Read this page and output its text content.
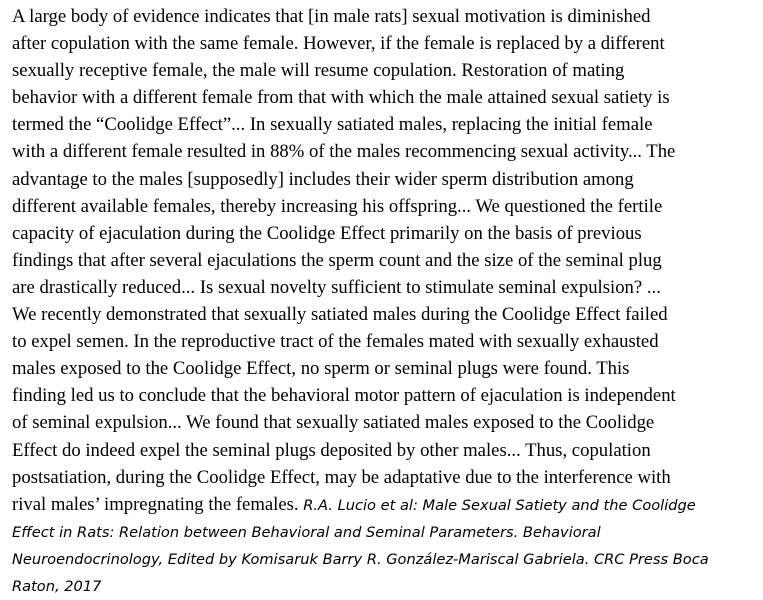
A large body of evidence indicates that [in male rats] sexual motivation is diminished
after copulation with the same female. However, if the female is replaced by a different
sexually receptive female, the male will resume copulation. Restoration of mating
behavior with a different female from that with which the male attained sexual satiety is
termed the “Coolidge Effect”... In sexually satiated males, replacing the initial female
with a different female resulted in 88% of the males recommencing sexual activity... The
advantage to the males [supposedly] includes their wider sperm distribution among
different available females, thereby increasing his offspring... We questioned the fertile
capacity of ejaculation during the Coolidge Effect primarily on the basis of previous
findings that after several ejaculations the sperm count and the size of the seminal plug
are drastically reduced... Is sexual novelty sufficient to stimulate seminal expulsion? ...
We recently demonstrated that sexually satiated males during the Coolidge Effect failed
to expel semen. In the reproductive tract of the females mated with sexually exhausted
males exposed to the Coolidge Effect, no sperm or seminal plugs were found. This
finding led us to conclude that the behavioral motor pattern of ejaculation is independent
of seminal expulsion... We found that sexually satiated males exposed to the Coolidge
Effect do indeed expel the seminal plugs deposited by other males... Thus, copulation
postsatiation, during the Coolidge Effect, may be adaptative due to the interference with
rival males’ impregnating the females. R.A. Lucio et al: Male Sexual Satiety and the Coolidge
Effect in Rats: Relation between Behavioral and Seminal Parameters. Behavioral
Neuroendocrinology, Edited by Komisaruk Barry R. González-Mariscal Gabriela. CRC Press Boca
Raton, 2017
